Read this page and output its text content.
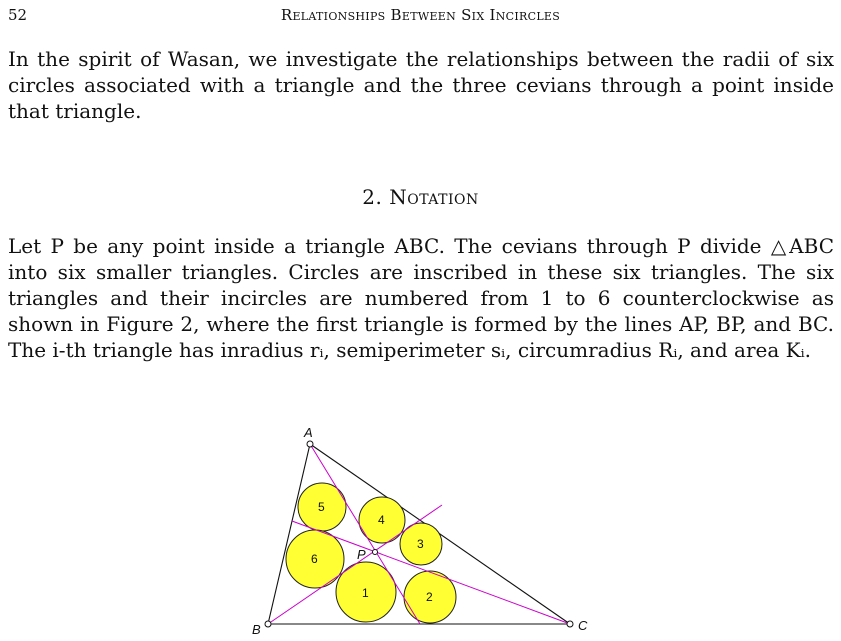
52	Relationships Between Six Incircles

In the spirit of Wasan, we investigate the relationships between the radii of six circles associated with a triangle and the three cevians through a point inside that triangle.

2. Notation

Let P be any point inside a triangle ABC. The cevians through P divide △ABC into six smaller triangles. Circles are inscribed in these six triangles. The six triangles and their incircles are numbered from 1 to 6 counterclockwise as shown in Figure 2, where the first triangle is formed by the lines AP, BP, and BC. The i-th triangle has inradius rᵢ, semiperimeter sᵢ, circumradius Rᵢ, and area Kᵢ.

A
B	C
P
1	2
3
4
5
6
